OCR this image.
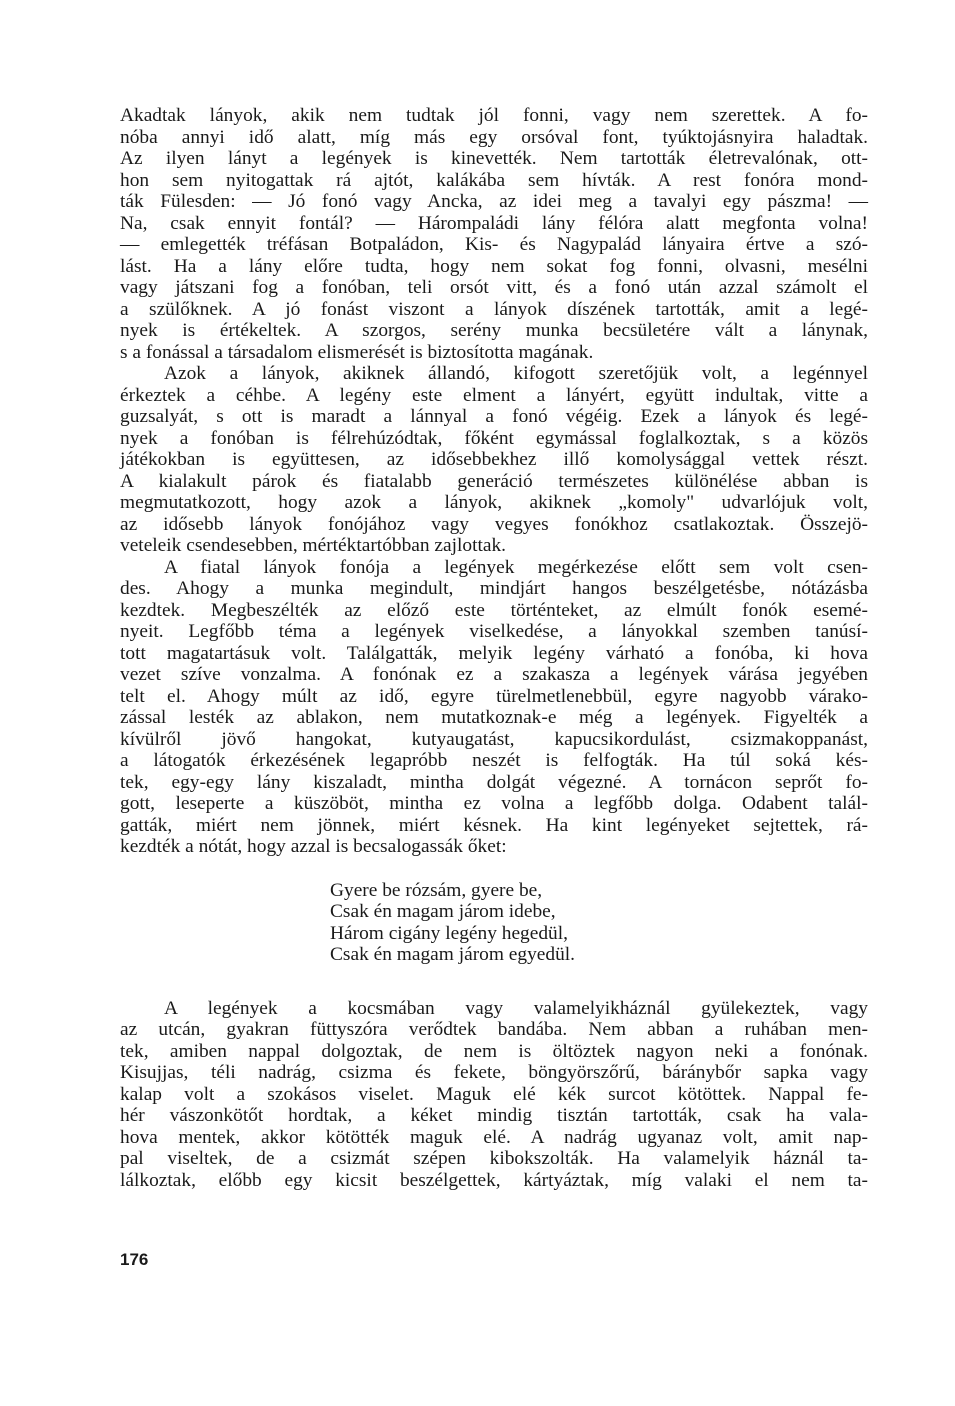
Akadtak lányok, akik nem tudtak jól fonni, vagy nem szerettek. A fo-
nóba annyi idő alatt, míg más egy orsóval font, tyúktojásnyira haladtak.
Az ilyen lányt a legények is kinevették. Nem tartották életrevalónak, ott-
hon sem nyitogattak rá ajtót, kalákába sem hívták. A rest fonóra mond-
ták Fülesden: — Jó fonó vagy Ancka, az idei meg a tavalyi egy pászma! —
Na, csak ennyit fontál? — Hárompaládi lány félóra alatt megfonta volna!
— emlegették tréfásan Botpaládon, Kis- és Nagypalád lányaira értve a szó-
lást. Ha a lány előre tudta, hogy nem sokat fog fonni, olvasni, mesélni
vagy játszani fog a fonóban, teli orsót vitt, és a fonó után azzal számolt el
a szülőknek. A jó fonást viszont a lányok díszének tartották, amit a legé-
nyek is értékeltek. A szorgos, serény munka becsületére vált a lánynak,
s a fonással a társadalom elismerését is biztosította magának.
Azok a lányok, akiknek állandó, kifogott szeretőjük volt, a legénnyel
érkeztek a céhbe. A legény este elment a lányért, együtt indultak, vitte a
guzsalyát, s ott is maradt a lánnyal a fonó végéig. Ezek a lányok és legé-
nyek a fonóban is félrehúzódtak, főként egymással foglalkoztak, s a közös
játékokban is együttesen, az idősebbekhez illő komolysággal vettek részt.
A kialakult párok és fiatalabb generáció természetes különélése abban is
megmutatkozott, hogy azok a lányok, akiknek „komoly" udvarlójuk volt,
az idősebb lányok fonójához vagy vegyes fonókhoz csatlakoztak. Összejö-
veteleik csendesebben, mértéktartóbban zajlottak.
A fiatal lányok fonója a legények megérkezése előtt sem volt csen-
des. Ahogy a munka megindult, mindjárt hangos beszélgetésbe, nótázásba
kezdtek. Megbeszélték az előző este történteket, az elmúlt fonók esemé-
nyeit. Legfőbb téma a legények viselkedése, a lányokkal szemben tanúsí-
tott magatartásuk volt. Találgatták, melyik legény várható a fonóba, ki hova
vezet szíve vonzalma. A fonónak ez a szakasza a legények várása jegyében
telt el. Ahogy múlt az idő, egyre türelmetlenebbül, egyre nagyobb várako-
zással lesték az ablakon, nem mutatkoznak-e még a legények. Figyelték a
kívülről jövő hangokat, kutyaugatást, kapucsikordulást, csizmakoppanást,
a látogatók érkezésének legapróbb neszét is felfogták. Ha túl soká kés-
tek, egy-egy lány kiszaladt, mintha dolgát végezné. A tornácon seprőt fo-
gott, leseperte a küszöböt, mintha ez volna a legfőbb dolga. Odabent talál-
gatták, miért nem jönnek, miért késnek. Ha kint legényeket sejtettek, rá-
kezdték a nótát, hogy azzal is becsalogassák őket:
Gyere be rózsám, gyere be,
Csak én magam járom idebe,
Három cigány legény hegedül,
Csak én magam járom egyedül.
A legények a kocsmában vagy valamelyikháznál gyülekeztek, vagy
az utcán, gyakran füttyszóra verődtek bandába. Nem abban a ruhában men-
tek, amiben nappal dolgoztak, de nem is öltöztek nagyon neki a fonónak.
Kisujjas, téli nadrág, csizma és fekete, böngyörszőrű, báránybőr sapka vagy
kalap volt a szokásos viselet. Maguk elé kék surcot kötöttek. Nappal fe-
hér vászonkötőt hordtak, a kéket mindig tisztán tartották, csak ha vala-
hova mentek, akkor kötötték maguk elé. A nadrág ugyanaz volt, amit nap-
pal viseltek, de a csizmát szépen kibokszolták. Ha valamelyik háznál ta-
lálkoztak, előbb egy kicsit beszélgettek, kártyáztak, míg valaki el nem ta-
176
